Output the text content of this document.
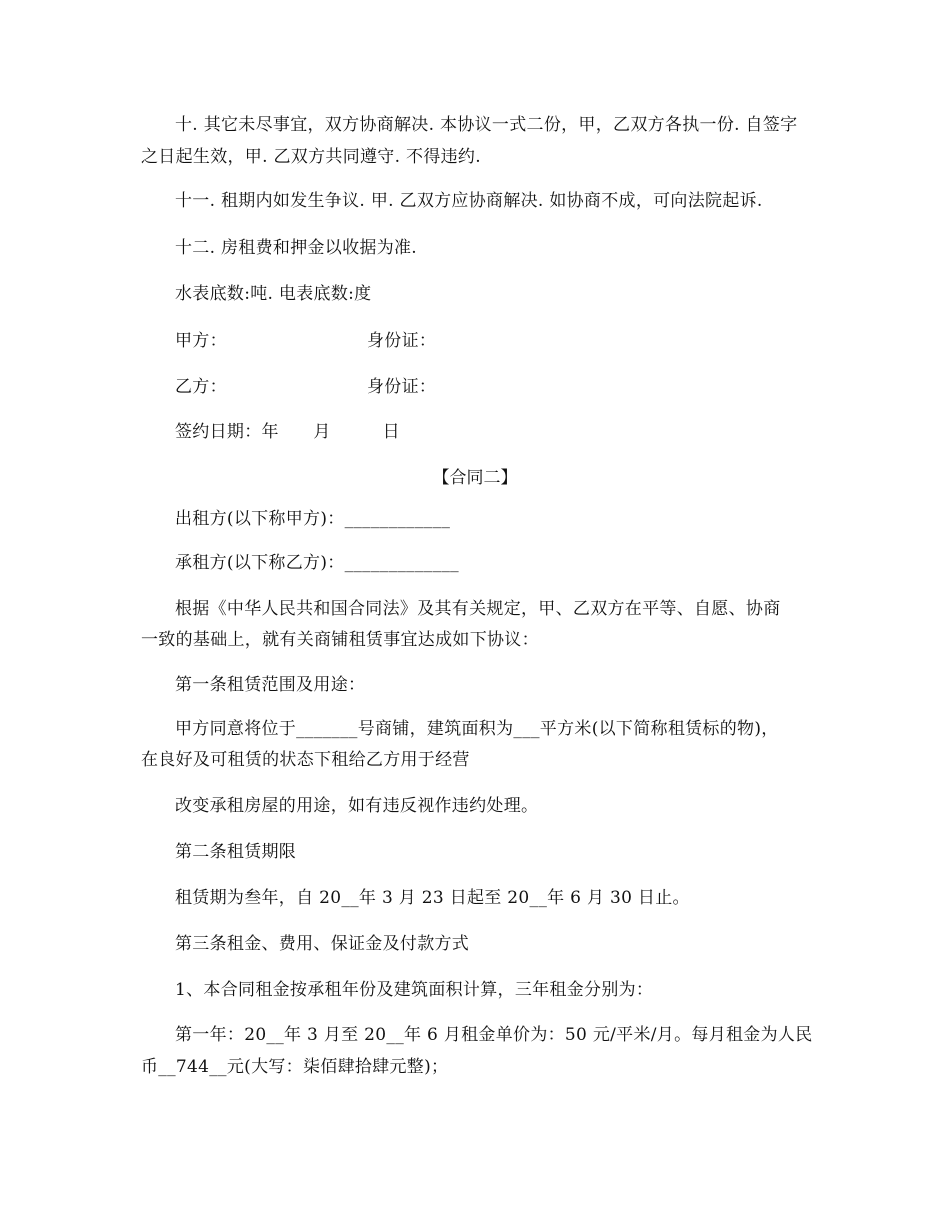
十. 其它未尽事宜，双方协商解决. 本协议一式二份，甲，乙双方各执一份. 自签字
之日起生效，甲. 乙双方共同遵守. 不得违约.
十一. 租期内如发生争议. 甲. 乙双方应协商解决. 如协商不成，可向法院起诉.
十二. 房租费和押金以收据为准.
水表底数:吨. 电表底数:度
甲方：	身份证：
乙方：	身份证：
签约日期：年　　月　　　日
【合同二】
出租方(以下称甲方)：____________
承租方(以下称乙方)：_____________
根据《中华人民共和国合同法》及其有关规定，甲、乙双方在平等、自愿、协商
一致的基础上，就有关商铺租赁事宜达成如下协议：
第一条租赁范围及用途：
甲方同意将位于_______号商铺，建筑面积为___平方米(以下简称租赁标的物)，
在良好及可租赁的状态下租给乙方用于经营
改变承租房屋的用途，如有违反视作违约处理。
第二条租赁期限
租赁期为叁年，自 20__年 3 月 23 日起至 20__年 6 月 30 日止。
第三条租金、费用、保证金及付款方式
1、本合同租金按承租年份及建筑面积计算，三年租金分别为：
第一年：20__年 3 月至 20__年 6 月租金单价为：50 元/平米/月。每月租金为人民
币__744__元(大写：柒佰肆拾肆元整)；
